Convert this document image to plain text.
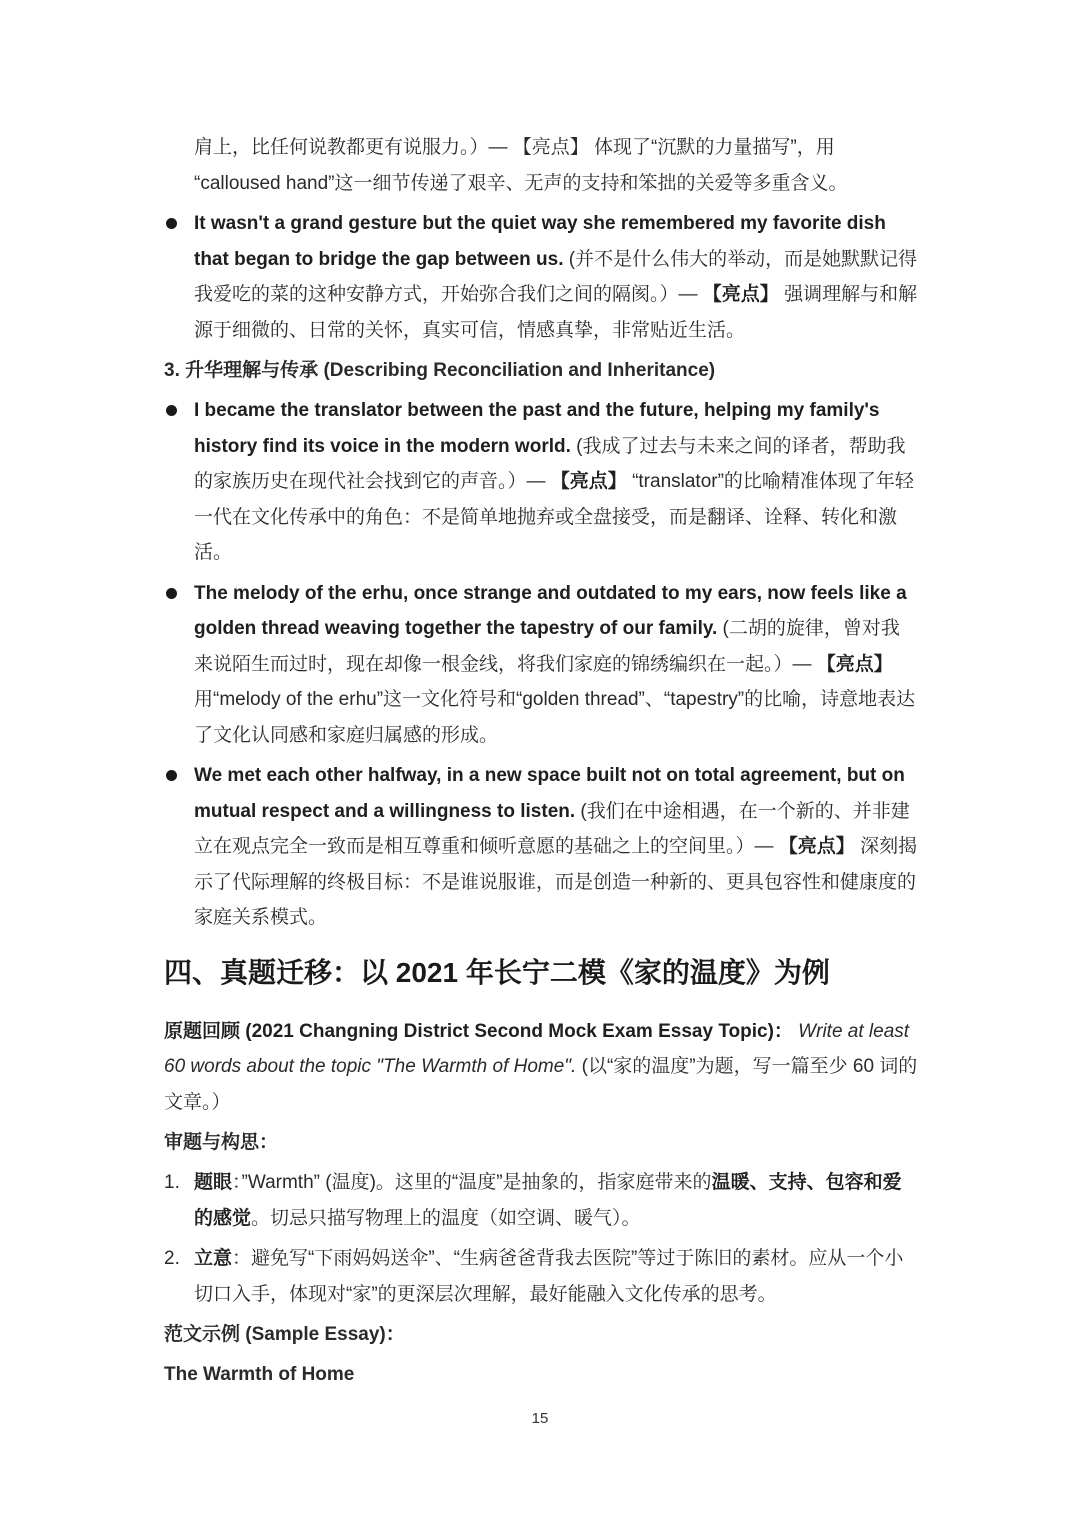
肩上，比任何说教都更有说服力。）— 【亮点】 体现了“沉默的力量描写”，用
“calloused hand”这一细节传递了艰辛、无声的支持和笨拙的关爱等多重含义。
It wasn't a grand gesture but the quiet way she remembered my favorite dish that began to bridge the gap between us. (并不是什么伟大的举动，而是她默默记得我爱吃的菜的这种安静方式，开始弥合我们之间的隔阂。）— 【亮点】 强调理解与和解源于细微的、日常的关怀，真实可信，情感真挚，非常贴近生活。
3. 升华理解与传承 (Describing Reconciliation and Inheritance)
I became the translator between the past and the future, helping my family's history find its voice in the modern world. (我成了过去与未来之间的译者，帮助我的家族历史在现代社会找到它的声音。）— 【亮点】 “translator”的比喻精准体现了年轻一代在文化传承中的角色：不是简单地抛弃或全盘接受，而是翻译、诠释、转化和激活。
The melody of the erhu, once strange and outdated to my ears, now feels like a golden thread weaving together the tapestry of our family. (二胡的旋律，曾对我来说陌生而过时，现在却像一根金线，将我们家庭的锦绣编织在一起。）— 【亮点】 用“melody of the erhu”这一文化符号和“golden thread”、“tapestry”的比喻，诗意地表达了文化认同感和家庭归属感的形成。
We met each other halfway, in a new space built not on total agreement, but on mutual respect and a willingness to listen. (我们在中途相遇，在一个新的、并非建立在观点完全一致而是相互尊重和倾听意愿的基础之上的空间里。）— 【亮点】 深刻揭示了代际理解的终极目标：不是谁说服谁，而是创造一种新的、更具包容性和健康度的家庭关系模式。
四、真题迁移：以 2021 年长宁二模《家的温度》为例
原题回顾 (2021 Changning District Second Mock Exam Essay Topic)： Write at least 60 words about the topic "The Warmth of Home". (以“家的温度”为题，写一篇至少 60 词的文章。）
审题与构思：
1. 题眼：”Warmth” (温度)。这里的“温度”是抽象的，指家庭带来的温暖、支持、包容和爱的感觉。切忌只描写物理上的温度（如空调、暖气）。
2. 立意：避免写“下雨妈妈送伞”、“生病爸爸背我去医院”等过于陈旧的素材。应从一个小切口入手，体现对“家”的更深层次理解，最好能融入文化传承的思考。
范文示例 (Sample Essay)：
The Warmth of Home
15
